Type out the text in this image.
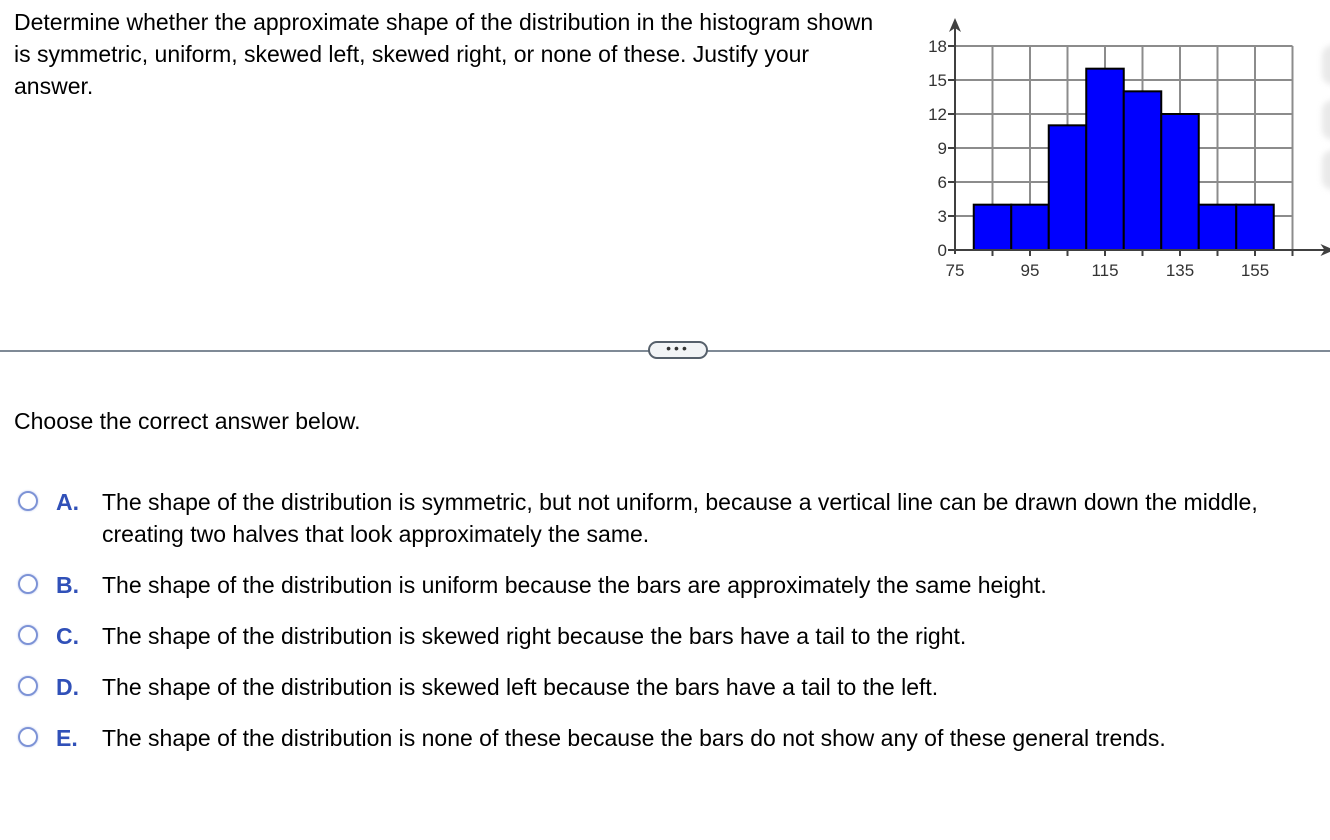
Determine whether the approximate shape of the distribution in the histogram shown is symmetric, uniform, skewed left, skewed right, or none of these. Justify your answer.
0
3
6
9
12
15
18
75	95	115	135	155
•••
Choose the correct answer below.
A.	The shape of the distribution is symmetric, but not uniform, because a vertical line can be drawn down the middle, creating two halves that look approximately the same.
B.	The shape of the distribution is uniform because the bars are approximately the same height.
C.	The shape of the distribution is skewed right because the bars have a tail to the right.
D.	The shape of the distribution is skewed left because the bars have a tail to the left.
E.	The shape of the distribution is none of these because the bars do not show any of these general trends.
